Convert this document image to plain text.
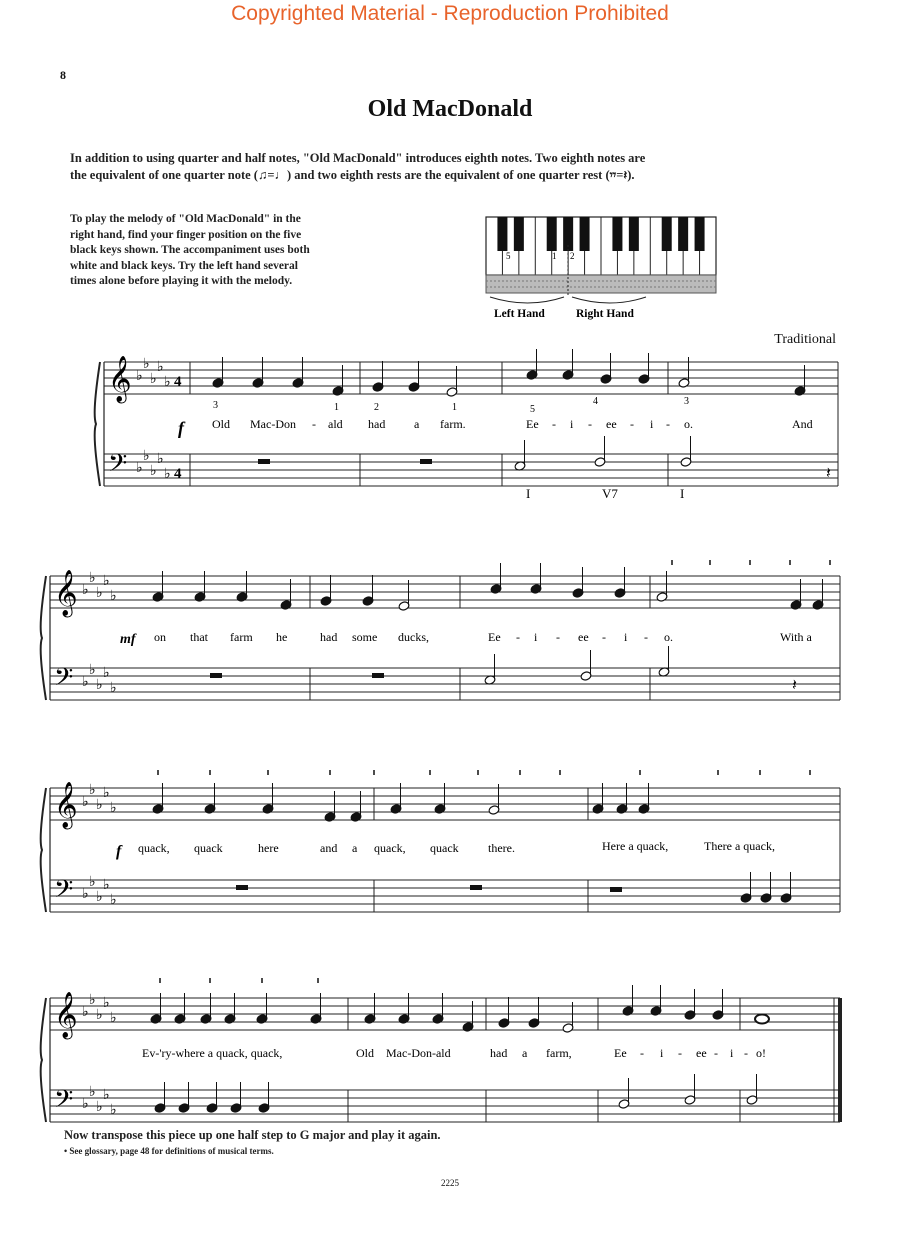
Copyrighted Material - Reproduction Prohibited
8
Old MacDonald
In addition to using quarter and half notes, "Old MacDonald" introduces eighth notes. Two eighth notes are
the equivalent of one quarter note (♫=♩) and two eighth rests are the equivalent of one quarter rest (𝄾𝄾=𝄽).
To play the melody of "Old MacDonald" in the
right hand, find your finger position on the five
black keys shown. The accompaniment uses both
white and black keys. Try the left hand several
times alone before playing it with the melody.
5	1 2
Left Hand	Right Hand
Traditional
𝄞 ♭
♭
♭
♭
♭
𝄢 ♭
♭
♭
♭
♭
4
4
𝄞 ♭
♭
♭
♭
♭
𝄢 ♭
♭
♭
♭
♭
𝄞 ♭
♭
♭
♭
♭
𝄢 ♭
♭
♭
♭
♭
𝄞 ♭
♭
♭
♭
♭
𝄢 ♭
♭
♭
♭
♭
𝄽
𝄽
f Old Mac-Don - ald had a farm.	Ee - i - ee - i - o.	And
3	1	2	1	5
4	3
I	V7	I
mf on that farm he	had some ducks,	Ee - i - ee - i - o.	With a
f quack, quack	here	and a quack, quack there.	Here a quack,	There a quack,
Ev-'ry-where a quack, quack,	Old Mac-Don-ald	had a farm,	Ee - i - ee - i - o!
Now transpose this piece up one half step to G major and play it again.
• See glossary, page 48 for definitions of musical terms.
2225
